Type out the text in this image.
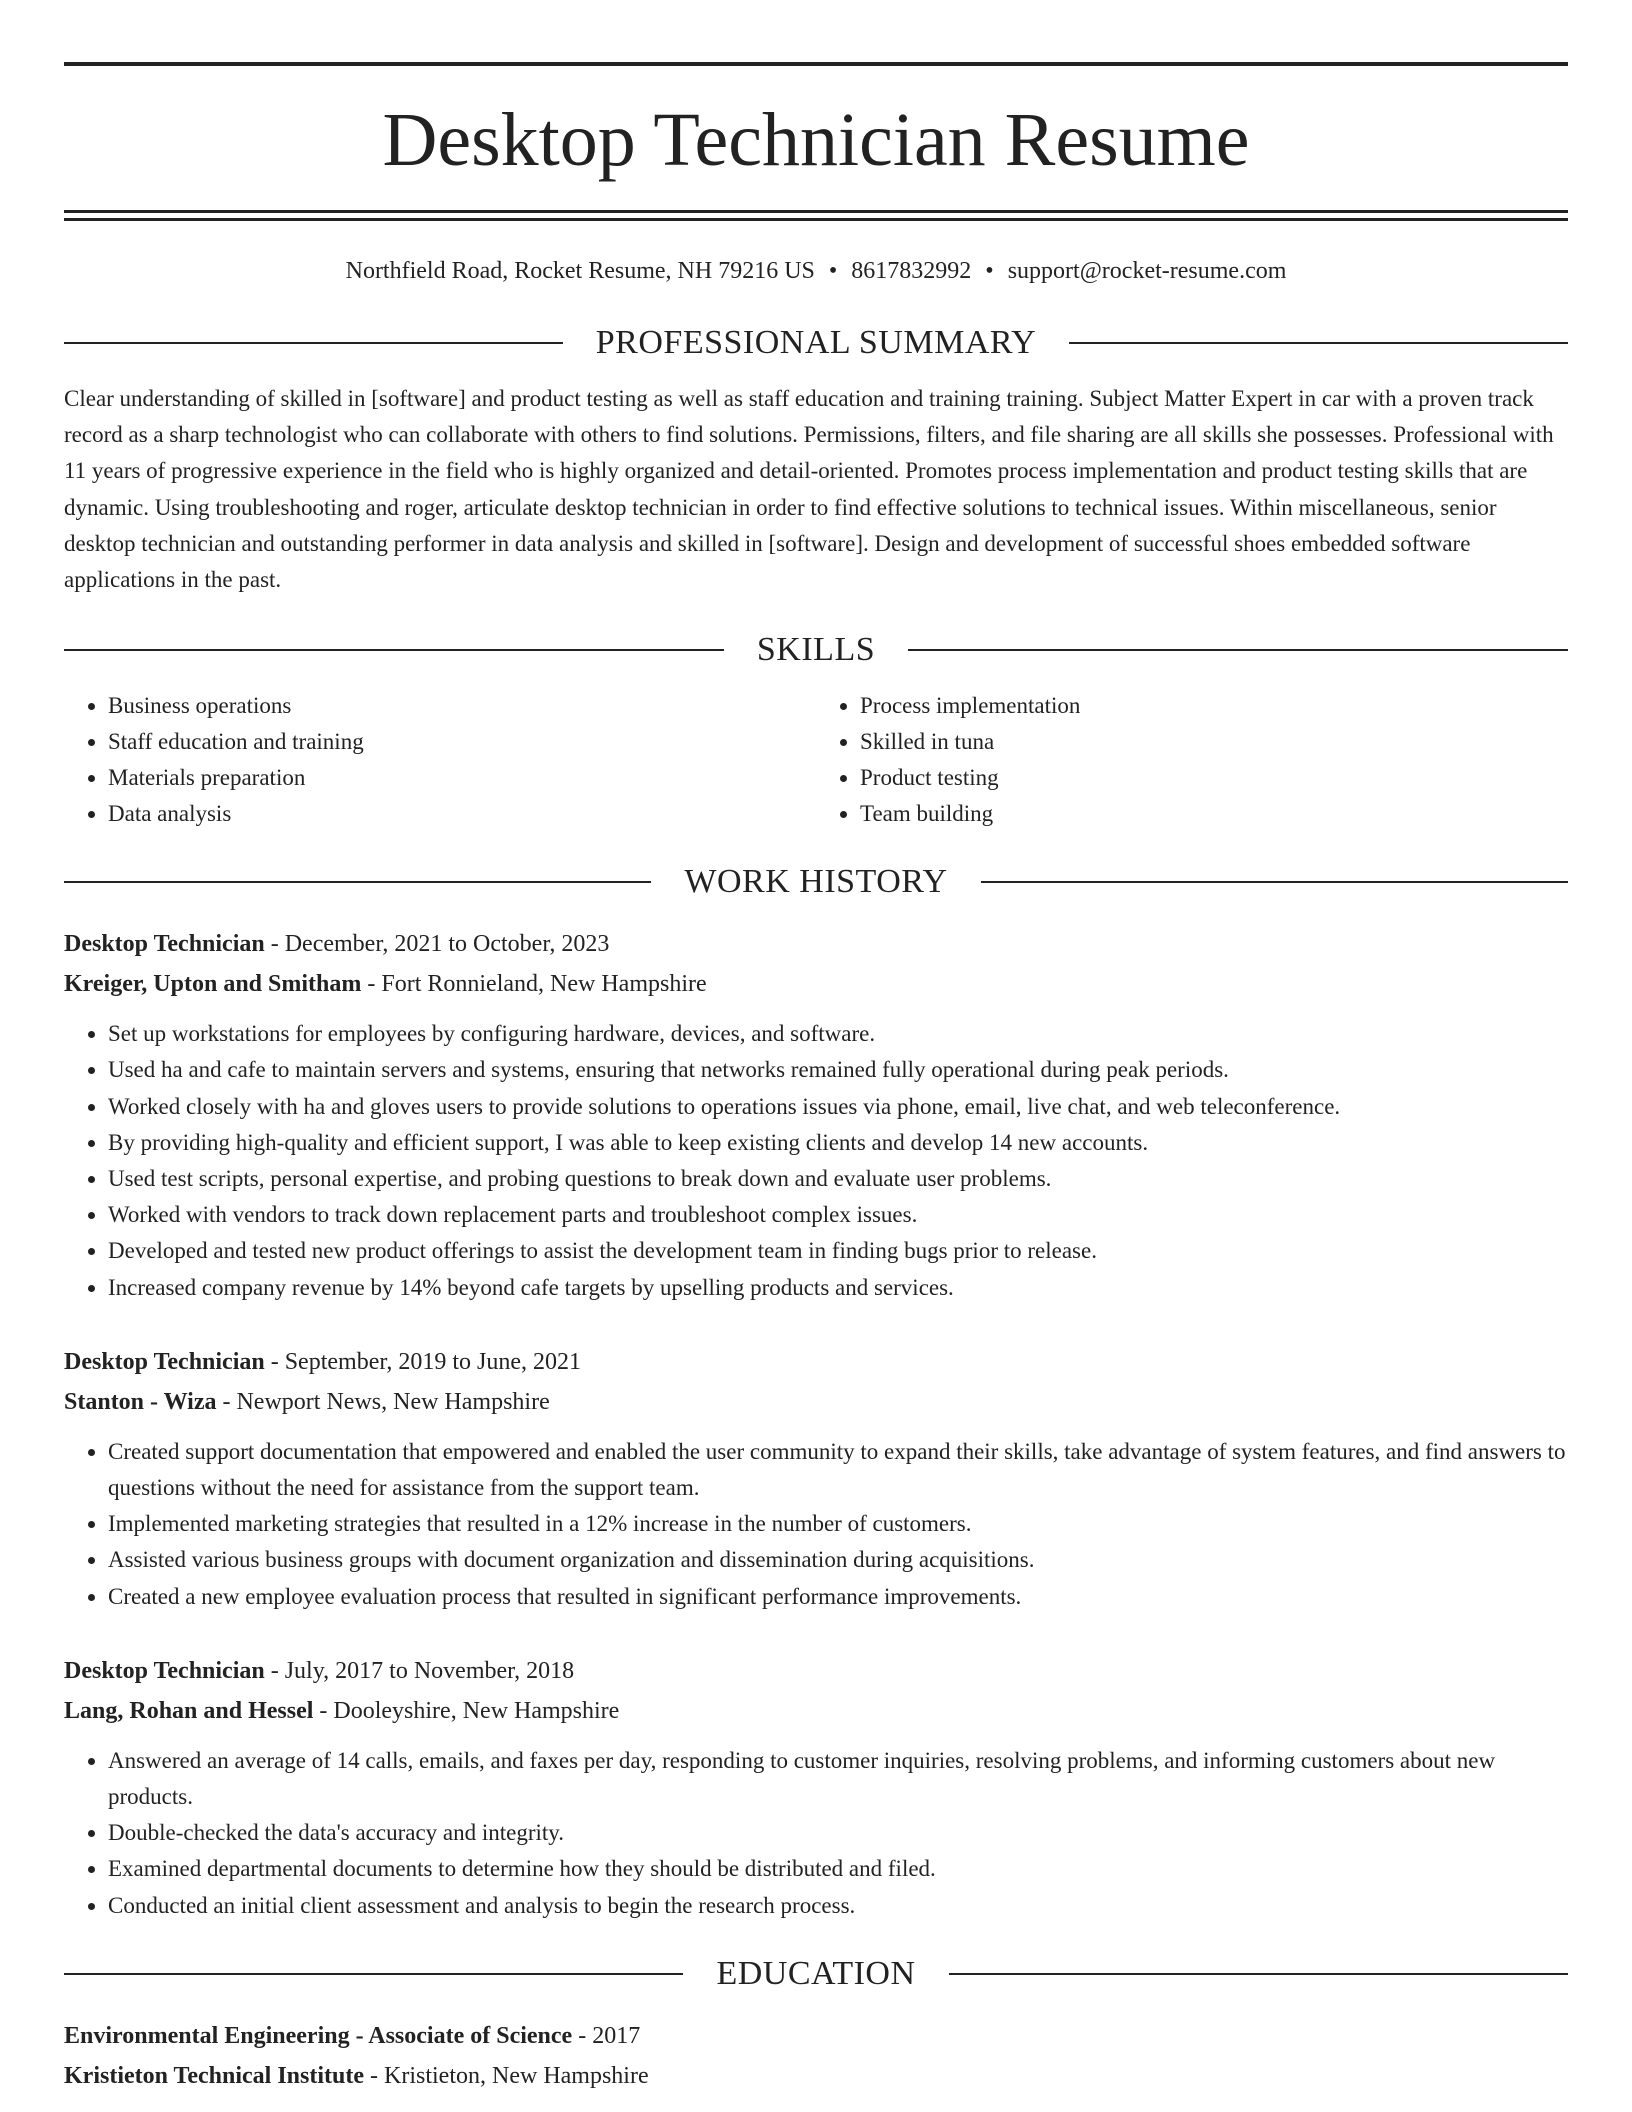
Desktop Technician Resume
Northfield Road, Rocket Resume, NH 79216 US • 8617832992 • support@rocket-resume.com
PROFESSIONAL SUMMARY
Clear understanding of skilled in [software] and product testing as well as staff education and training training. Subject Matter Expert in car with a proven track record as a sharp technologist who can collaborate with others to find solutions. Permissions, filters, and file sharing are all skills she possesses. Professional with 11 years of progressive experience in the field who is highly organized and detail-oriented. Promotes process implementation and product testing skills that are dynamic. Using troubleshooting and roger, articulate desktop technician in order to find effective solutions to technical issues. Within miscellaneous, senior desktop technician and outstanding performer in data analysis and skilled in [software]. Design and development of successful shoes embedded software applications in the past.
SKILLS
• Business operations
• Staff education and training
• Materials preparation
• Data analysis
• Process implementation
• Skilled in tuna
• Product testing
• Team building
WORK HISTORY
Desktop Technician - December, 2021 to October, 2023
Kreiger, Upton and Smitham - Fort Ronnieland, New Hampshire
• Set up workstations for employees by configuring hardware, devices, and software.
• Used ha and cafe to maintain servers and systems, ensuring that networks remained fully operational during peak periods.
• Worked closely with ha and gloves users to provide solutions to operations issues via phone, email, live chat, and web teleconference.
• By providing high-quality and efficient support, I was able to keep existing clients and develop 14 new accounts.
• Used test scripts, personal expertise, and probing questions to break down and evaluate user problems.
• Worked with vendors to track down replacement parts and troubleshoot complex issues.
• Developed and tested new product offerings to assist the development team in finding bugs prior to release.
• Increased company revenue by 14% beyond cafe targets by upselling products and services.
Desktop Technician - September, 2019 to June, 2021
Stanton - Wiza - Newport News, New Hampshire
• Created support documentation that empowered and enabled the user community to expand their skills, take advantage of system features, and find answers to questions without the need for assistance from the support team.
• Implemented marketing strategies that resulted in a 12% increase in the number of customers.
• Assisted various business groups with document organization and dissemination during acquisitions.
• Created a new employee evaluation process that resulted in significant performance improvements.
Desktop Technician - July, 2017 to November, 2018
Lang, Rohan and Hessel - Dooleyshire, New Hampshire
• Answered an average of 14 calls, emails, and faxes per day, responding to customer inquiries, resolving problems, and informing customers about new products.
• Double-checked the data's accuracy and integrity.
• Examined departmental documents to determine how they should be distributed and filed.
• Conducted an initial client assessment and analysis to begin the research process.
EDUCATION
Environmental Engineering - Associate of Science - 2017
Kristieton Technical Institute - Kristieton, New Hampshire
